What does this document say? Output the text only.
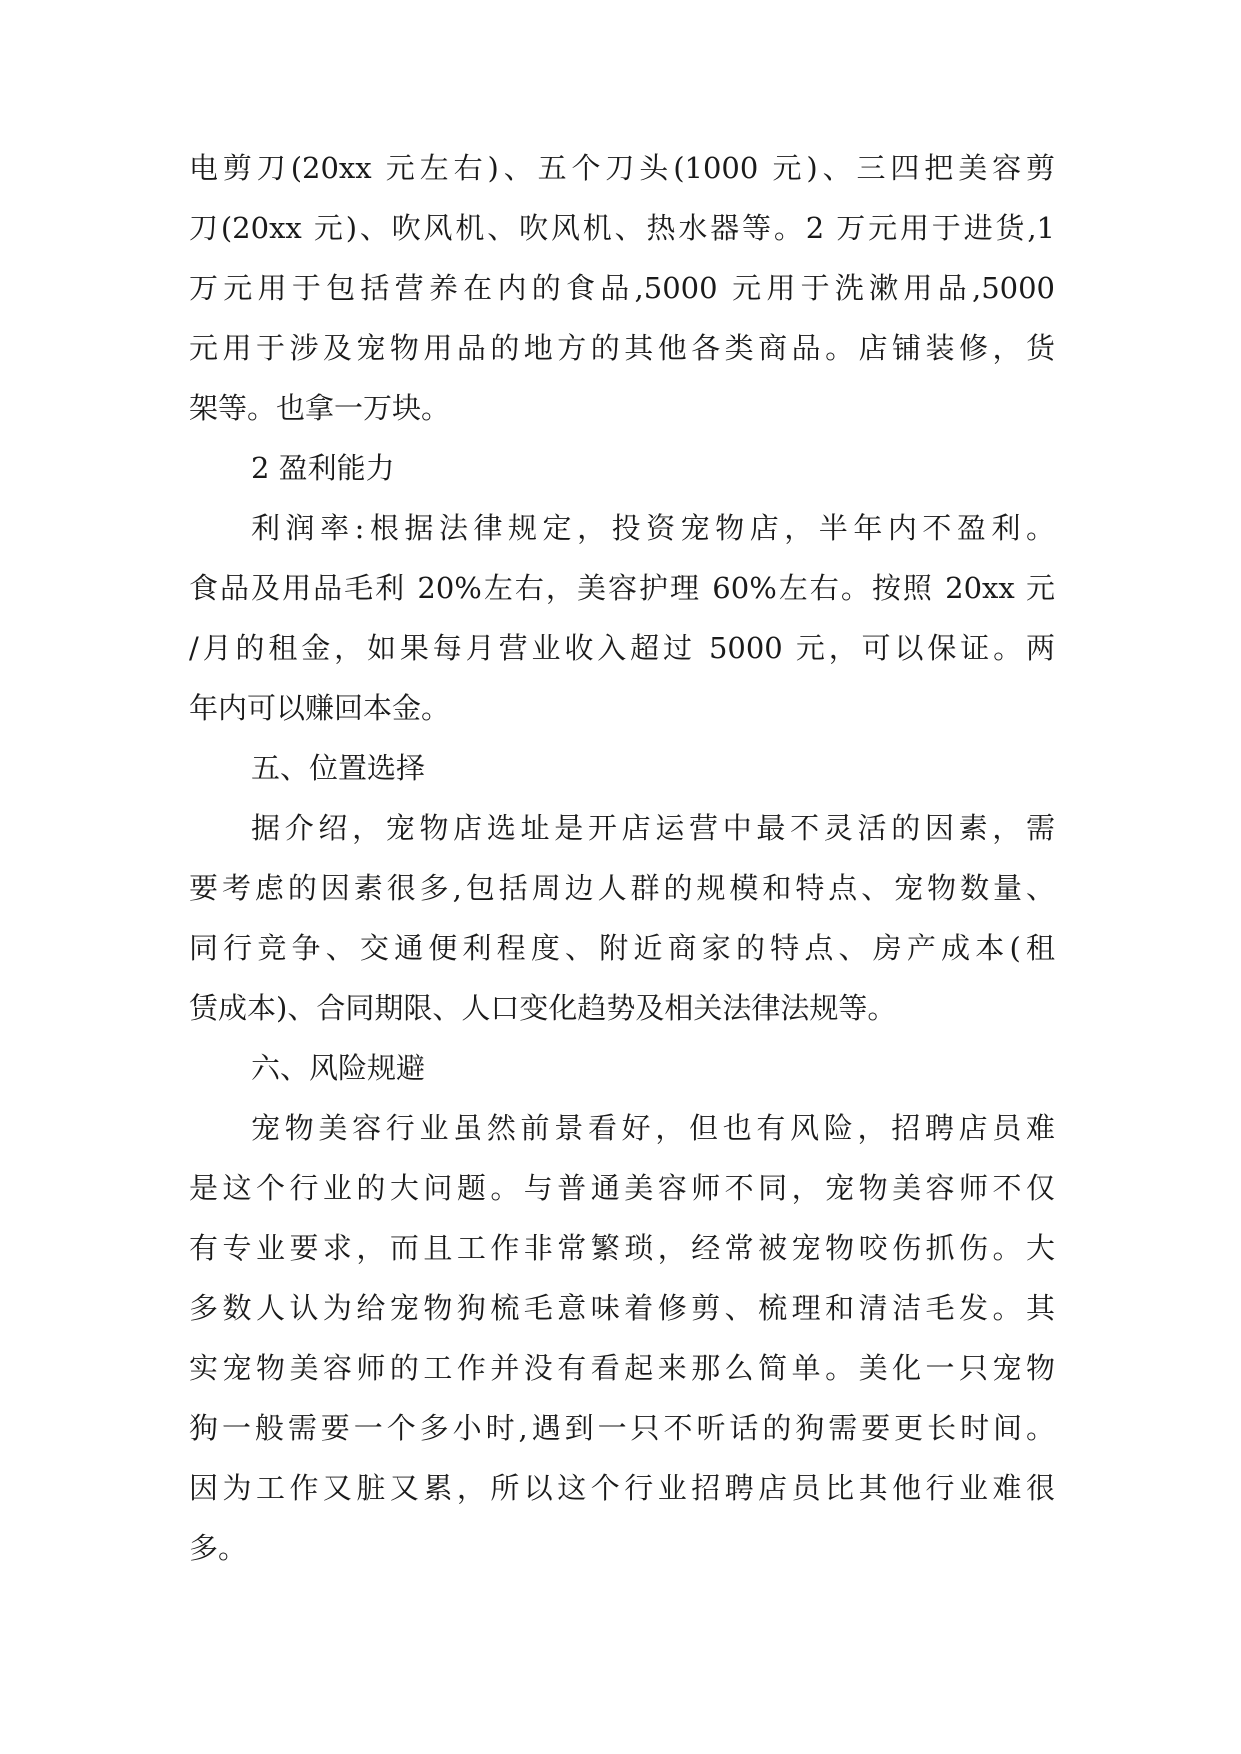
电剪刀(20xx 元左右)、五个刀头(1000 元)、三四把美容剪
刀(20xx 元)、吹风机、吹风机、热水器等。2 万元用于进货,1
万元用于包括营养在内的食品,5000 元用于洗漱用品,5000
元用于涉及宠物用品的地方的其他各类商品。店铺装修，货
架等。也拿一万块。
2 盈利能力
利润率:根据法律规定，投资宠物店，半年内不盈利。
食品及用品毛利 20%左右，美容护理 60%左右。按照 20xx 元
/月的租金，如果每月营业收入超过 5000 元，可以保证。两
年内可以赚回本金。
五、位置选择
据介绍，宠物店选址是开店运营中最不灵活的因素，需
要考虑的因素很多,包括周边人群的规模和特点、宠物数量、
同行竞争、交通便利程度、附近商家的特点、房产成本(租
赁成本)、合同期限、人口变化趋势及相关法律法规等。
六、风险规避
宠物美容行业虽然前景看好，但也有风险，招聘店员难
是这个行业的大问题。与普通美容师不同，宠物美容师不仅
有专业要求，而且工作非常繁琐，经常被宠物咬伤抓伤。大
多数人认为给宠物狗梳毛意味着修剪、梳理和清洁毛发。其
实宠物美容师的工作并没有看起来那么简单。美化一只宠物
狗一般需要一个多小时,遇到一只不听话的狗需要更长时间。
因为工作又脏又累，所以这个行业招聘店员比其他行业难很
多。
